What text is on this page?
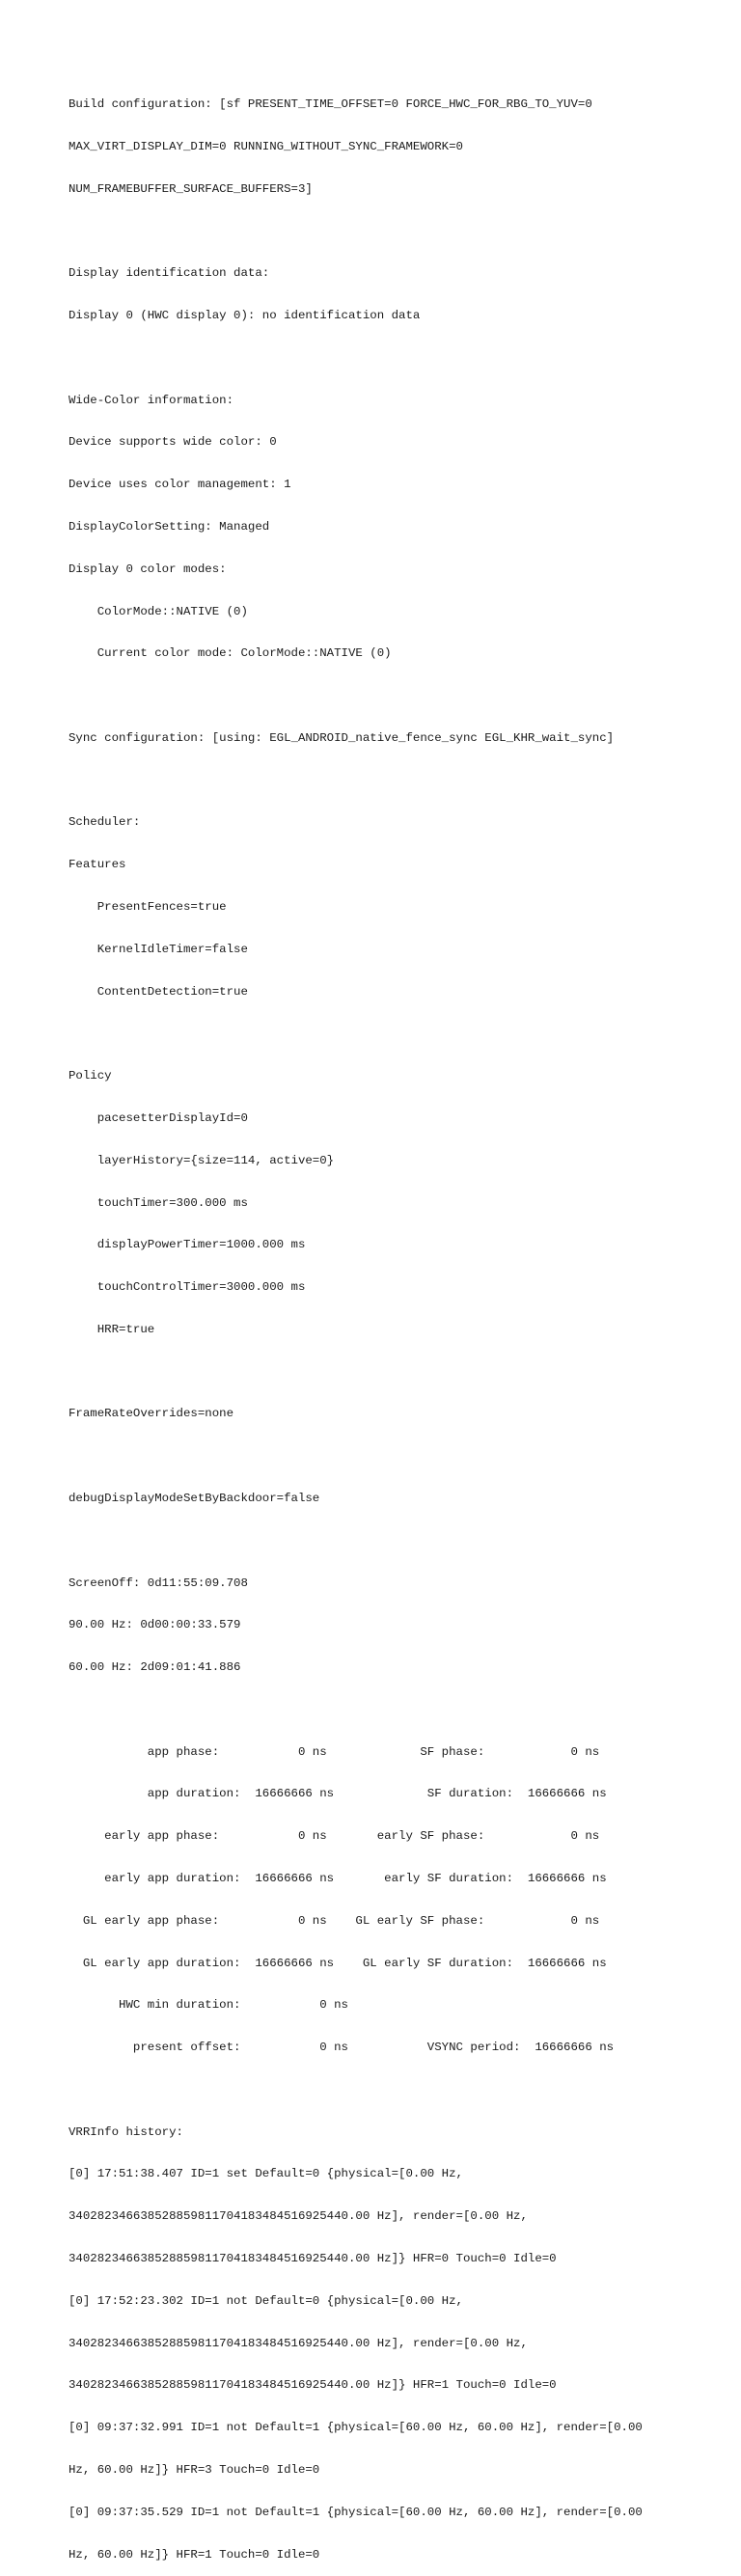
Build configuration: [sf PRESENT_TIME_OFFSET=0 FORCE_HWC_FOR_RBG_TO_YUV=0

MAX_VIRT_DISPLAY_DIM=0 RUNNING_WITHOUT_SYNC_FRAMEWORK=0

NUM_FRAMEBUFFER_SURFACE_BUFFERS=3]

Display identification data:

Display 0 (HWC display 0): no identification data

Wide-Color information:

Device supports wide color: 0

Device uses color management: 1

DisplayColorSetting: Managed

Display 0 color modes:

ColorMode::NATIVE (0)

Current color mode: ColorMode::NATIVE (0)

Sync configuration: [using: EGL_ANDROID_native_fence_sync EGL_KHR_wait_sync]

Scheduler:

Features

PresentFences=true

KernelIdleTimer=false

ContentDetection=true

Policy

pacesetterDisplayId=0

layerHistory={size=114, active=0}

touchTimer=300.000 ms

displayPowerTimer=1000.000 ms

touchControlTimer=3000.000 ms

HRR=true

FrameRateOverrides=none

debugDisplayModeSetByBackdoor=false

ScreenOff: 0d11:55:09.708

90.00 Hz: 0d00:00:33.579

60.00 Hz: 2d09:01:41.886

app phase:           0 ns             SF phase:            0 ns

app duration:  16666666 ns             SF duration:  16666666 ns

early app phase:           0 ns       early SF phase:            0 ns

early app duration:  16666666 ns       early SF duration:  16666666 ns

GL early app phase:           0 ns    GL early SF phase:            0 ns

GL early app duration:  16666666 ns    GL early SF duration:  16666666 ns

HWC min duration:           0 ns

present offset:           0 ns           VSYNC period:  16666666 ns

VRRInfo history:

[0] 17:51:38.407 ID=1 set Default=0 {physical=[0.00 Hz,

340282346638528859811704183484516925440.00 Hz], render=[0.00 Hz,

340282346638528859811704183484516925440.00 Hz]} HFR=0 Touch=0 Idle=0

[0] 17:52:23.302 ID=1 not Default=0 {physical=[0.00 Hz,

340282346638528859811704183484516925440.00 Hz], render=[0.00 Hz,

340282346638528859811704183484516925440.00 Hz]} HFR=1 Touch=0 Idle=0

[0] 09:37:32.991 ID=1 not Default=1 {physical=[60.00 Hz, 60.00 Hz], render=[0.00

Hz, 60.00 Hz]} HFR=3 Touch=0 Idle=0

[0] 09:37:35.529 ID=1 not Default=1 {physical=[60.00 Hz, 60.00 Hz], render=[0.00

Hz, 60.00 Hz]} HFR=1 Touch=0 Idle=0
